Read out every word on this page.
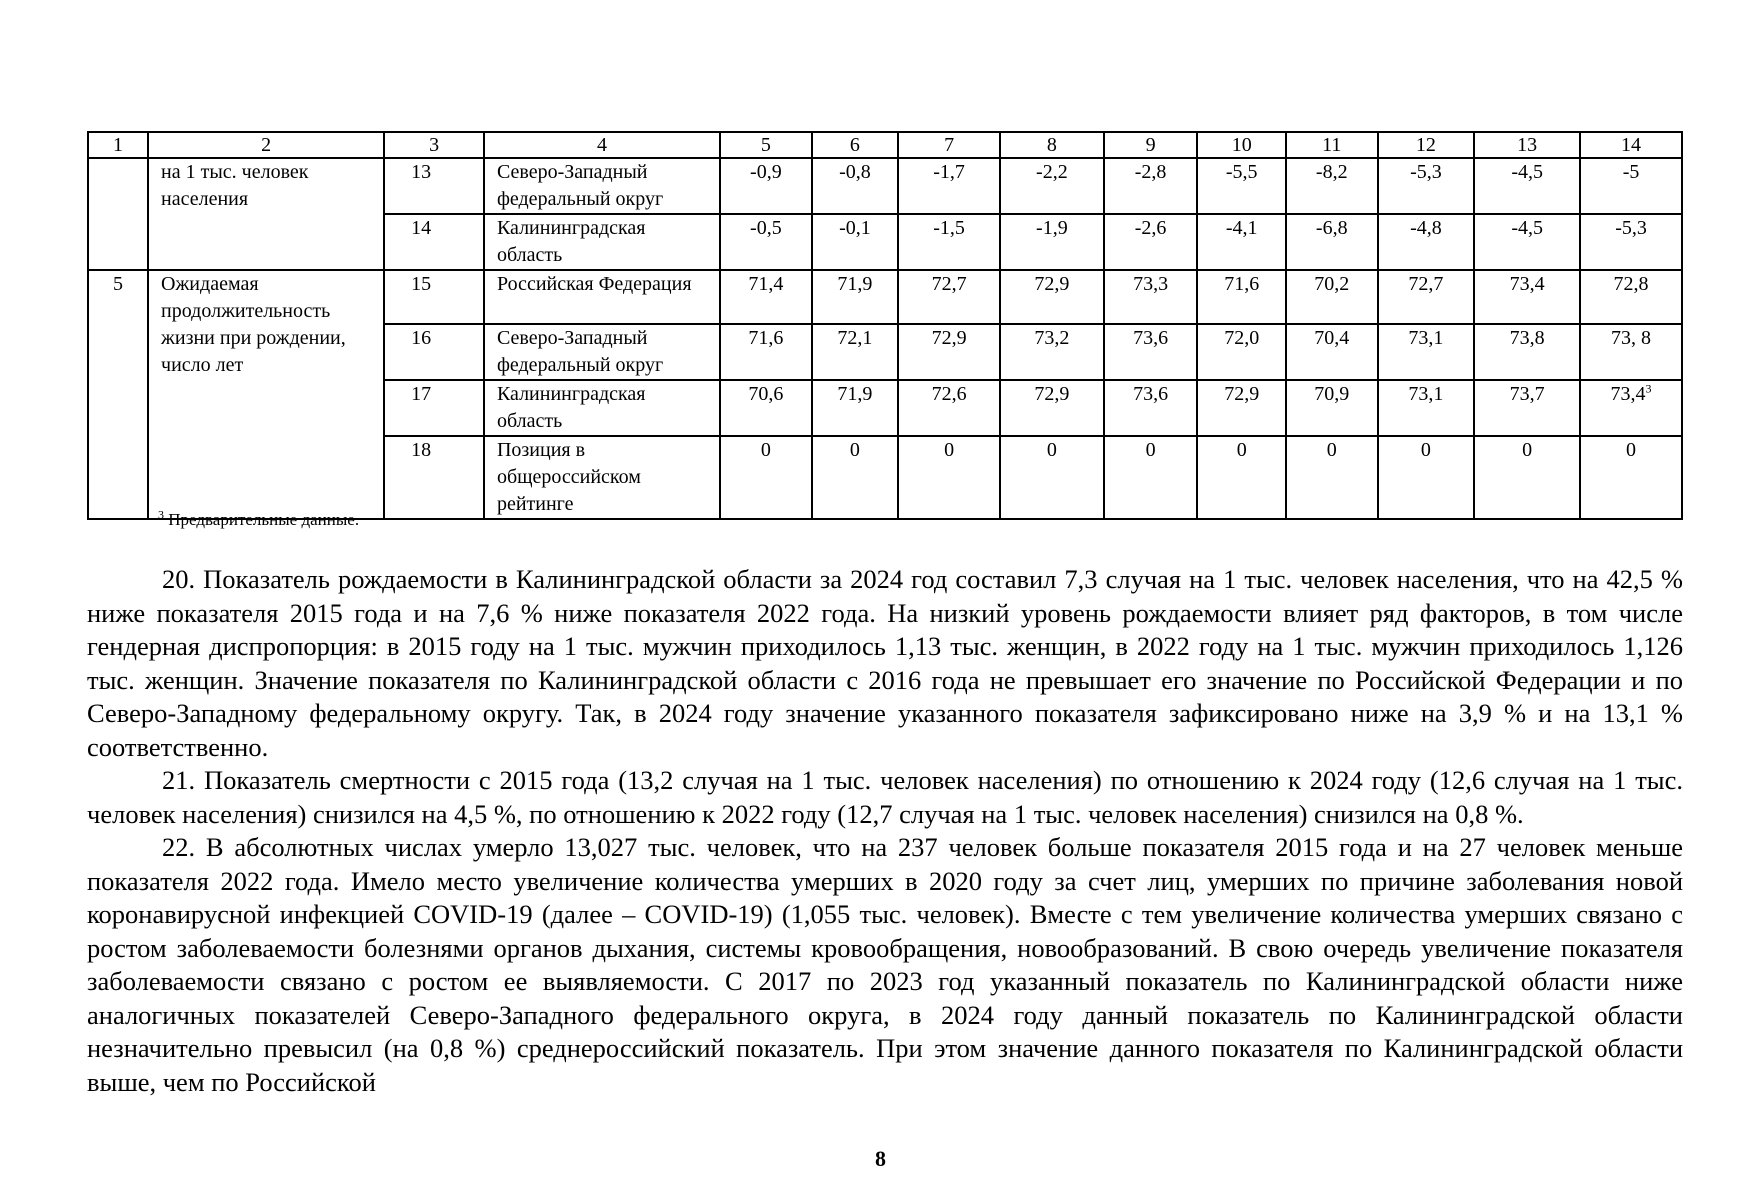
1	2	3	4	5	6	7	8	9	10	11	12	13	14
	на 1 тыс. человек населения	13	Северо-Западный федеральный округ	-0,9	-0,8	-1,7	-2,2	-2,8	-5,5	-8,2	-5,3	-4,5	-5
		14	Калининградская область	-0,5	-0,1	-1,5	-1,9	-2,6	-4,1	-6,8	-4,8	-4,5	-5,3
5	Ожидаемая продолжительность жизни при рождении, число лет	15	Российская Федерация	71,4	71,9	72,7	72,9	73,3	71,6	70,2	72,7	73,4	72,8
		16	Северо-Западный федеральный округ	71,6	72,1	72,9	73,2	73,6	72,0	70,4	73,1	73,8	73, 8
		17	Калининградская область	70,6	71,9	72,6	72,9	73,6	72,9	70,9	73,1	73,7	73,4$^3$
		18	Позиция в общероссийском рейтинге	0	0	0	0	0	0	0	0	0	0
$^3$ Предварительные данные.

20. Показатель рождаемости в Калининградской области за 2024 год составил 7,3 случая на 1 тыс. человек населения, что на 42,5 % ниже показателя 2015 года и на 7,6 % ниже показателя 2022 года. На низкий уровень рождаемости влияет ряд факторов, в том числе гендерная диспропорция: в 2015 году на 1 тыс. мужчин приходилось 1,13 тыс. женщин, в 2022 году на 1 тыс. мужчин приходилось 1,126 тыс. женщин. Значение показателя по Калининградской области с 2016 года не превышает его значение по Российской Федерации и по Северо-Западному федеральному округу. Так, в 2024 году значение указанного показателя зафиксировано ниже на 3,9 % и на 13,1 % соответственно.

21. Показатель смертности с 2015 года (13,2 случая на 1 тыс. человек населения) по отношению к 2024 году (12,6 случая на 1 тыс. человек населения) снизился на 4,5 %, по отношению к 2022 году (12,7 случая на 1 тыс. человек населения) снизился на 0,8 %.

22. В абсолютных числах умерло 13,027 тыс. человек, что на 237 человек больше показателя 2015 года и на 27 человек меньше показателя 2022 года. Имело место увеличение количества умерших в 2020 году за счет лиц, умерших по причине заболевания новой коронавирусной инфекцией COVID-19 (далее – COVID-19) (1,055 тыс. человек). Вместе с тем увеличение количества умерших связано с ростом заболеваемости болезнями органов дыхания, системы кровообращения, новообразований. В свою очередь увеличение показателя заболеваемости связано с ростом ее выявляемости. С 2017 по 2023 год указанный показатель по Калининградской области ниже аналогичных показателей Северо-Западного федерального округа, в 2024 году данный показатель по Калининградской области незначительно превысил (на 0,8 %) среднероссийский показатель. При этом значение данного показателя по Калининградской области выше, чем по Российской

8
